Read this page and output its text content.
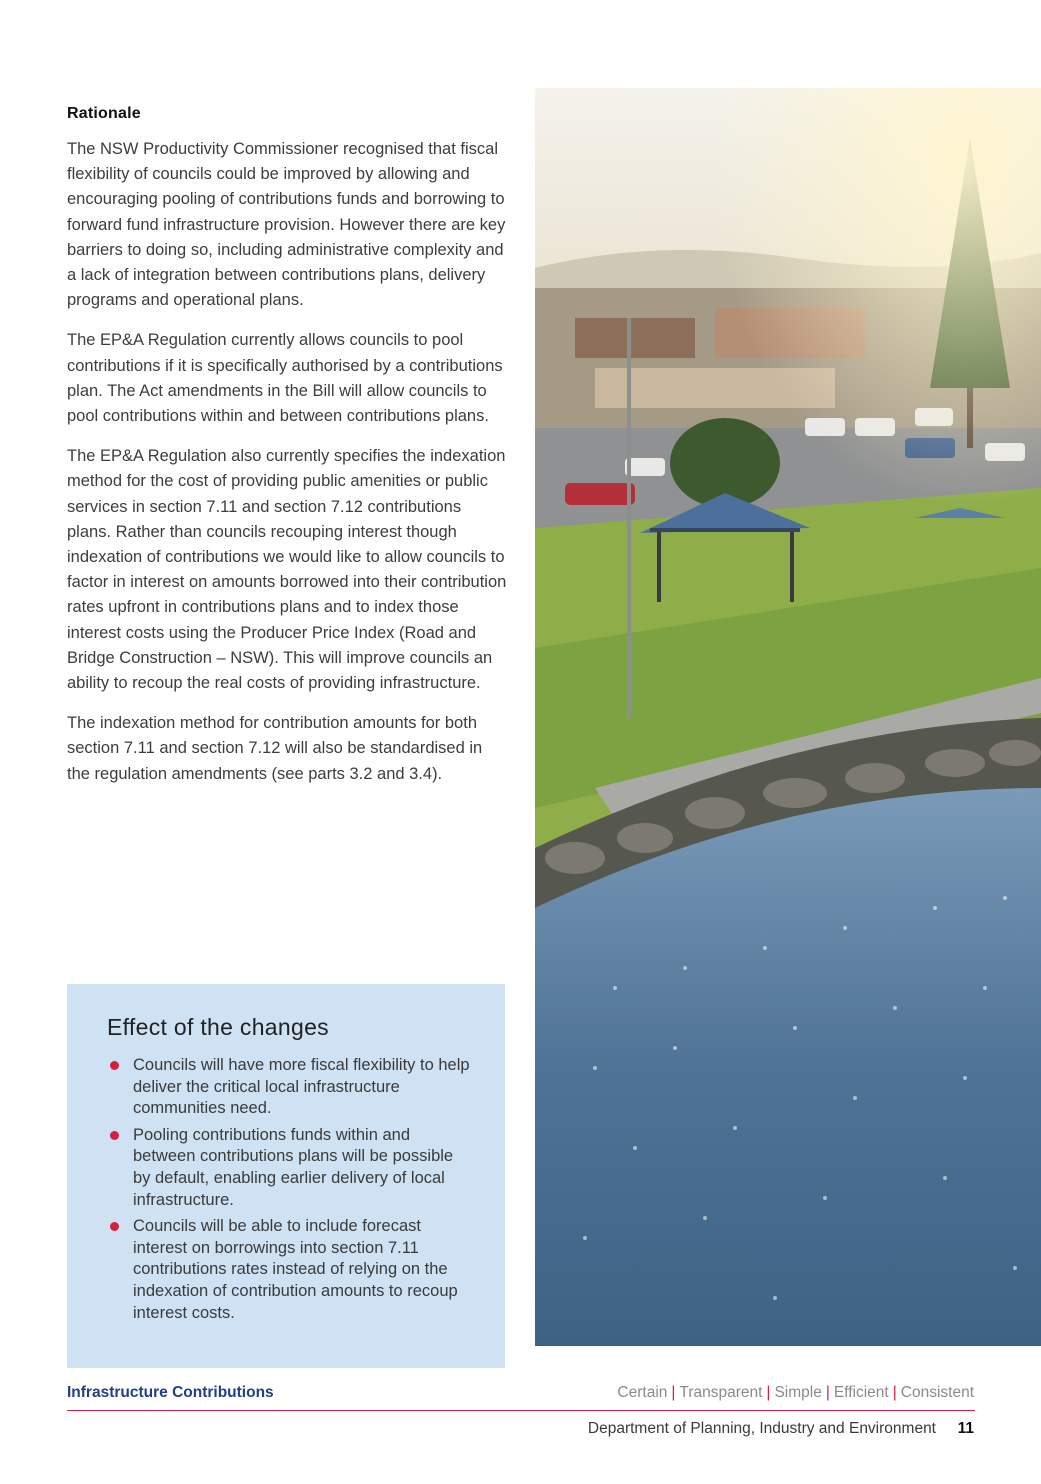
Rationale

The NSW Productivity Commissioner recognised that fiscal flexibility of councils could be improved by allowing and encouraging pooling of contributions funds and borrowing to forward fund infrastructure provision. However there are key barriers to doing so, including administrative complexity and a lack of integration between contributions plans, delivery programs and operational plans.

The EP&A Regulation currently allows councils to pool contributions if it is specifically authorised by a contributions plan. The Act amendments in the Bill will allow councils to pool contributions within and between contributions plans.

The EP&A Regulation also currently specifies the indexation method for the cost of providing public amenities or public services in section 7.11 and section 7.12 contributions plans. Rather than councils recouping interest though indexation of contributions we would like to allow councils to factor in interest on amounts borrowed into their contribution rates upfront in contributions plans and to index those interest costs using the Producer Price Index (Road and Bridge Construction – NSW). This will improve councils an ability to recoup the real costs of providing infrastructure.

The indexation method for contribution amounts for both section 7.11 and section 7.12 will also be standardised in the regulation amendments (see parts 3.2 and 3.4).

Effect of the changes
Councils will have more fiscal flexibility to help deliver the critical local infrastructure communities need.
Pooling contributions funds within and between contributions plans will be possible by default, enabling earlier delivery of local infrastructure.
Councils will be able to include forecast interest on borrowings into section 7.11 contributions rates instead of relying on the indexation of contribution amounts to recoup interest costs.
Infrastructure Contributions	Certain | Transparent | Simple | Efficient | Consistent
Department of Planning, Industry and Environment 11
